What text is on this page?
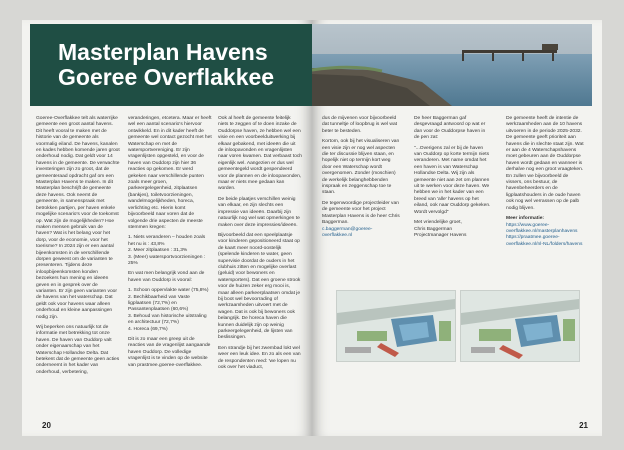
Masterplan Havens
Goeree Overflakkee

Goeree-Overflakkee telt als waterrijke gemeente een groot aantal havens. Dit heeft vooral te maken met de historie van de gemeente als voormalig eiland. De havens, kanalen en kades hebben komende jaren groot onderhoud nodig. Dat geldt voor 14 havens in de gemeente. De verwachte investeringen zijn zo groot, dat de gemeenteraad opdracht gaf om een Masterplan Havens te maken. In dit Masterplan beschrijft de gemeente deze havens. Ook neemt de gemeente, in samenspraak met betrokken partijen, per haven enkele mogelijke scenario's voor de toekomst op. Wat zijn de mogelijkheden? Hoe maken mensen gebruik van de haven? Wat is het belang voor het dorp, voor de economie, voor het toerisme? In 2024 zijn er een aantal bijeenkomsten in de verschillende dorpen geweest om de varianten te presenteren. Tijdens deze inloopbijeenkomsten konden bezoekers hun mening en ideeën geven en in gesprek over de varianten. Er zijn geen varianten voor de havens van het waterschap. Dat geldt ook voor havens waar alleen onderhoud en kleine aanpassingen nodig zijn.

Wij beperken ons natuurlijk tot de informatie met betrekking tot onze haven. De haven van Ouddorp valt onder eigenaarschap van het Waterschap Hollandse Delta. Dat betekent dat de gemeente geen acties onderneemt in het kader van onderhoud, verbetering,

veranderingen, etcetera. Maar er heeft wel een aantal scenario's hiervoor ontwikkeld. En in dit kader heeft de gemeente wel contact gezocht met het Waterschap en met de watersportvereniging. Er zijn vragenlijsten opgesteld, en voor de haven van Ouddorp zijn hier 36 reacties op gekomen. Er werd gekeken naar verschillende punten zoals meer groen, parkeergelegenheid, zitplaatsen (bankjes), toiletvoorzieningen, wandelmogelijkheden, horeca, verlichting etc. Hierin komt bijvoorbeeld naar voren dat de volgende drie aspecten de meeste stemmen kregen:

1. Niets veranderen – houden zoals het nu is : 43,8%

2. Meer zitplaatsen : 31,3%

3. (Meer) watersportvoorzieningen : 25%

En wat men belangrijk vond aan de haven van Ouddorp is vooral:

1. Schoon oppervlakte water (75,8%)

2. Bechikbaarheid van Vaste ligplaatsen (72,7%) en Passantenplaatsen (60,6%)

3. Behoud van historische uitstraling en architectuur (72,7%)

4. Horeca (69,7%)

Dit is zo maar een greep uit de reacties van de vragenlijst aangaande haven Ouddorp. De volledige vragenlijst is te vinden op de website van prastmee.goeree-overflakkee.

Ook al heeft de gemeente feitelijk niets te zeggen of te doen inzake de Ouddorpse haven, ze hebben wel een visie en een voorbeelduitwerking bij elkaar gebakend, met ideeën die uit de inloopavonden en vragenlijsten naar voren kwamen. Dat verbaast toch eigenlijk wel. Aangezien er dus wel gemeentegeld wordt gespendeerd voor de plannen en de inloopavonden, maar er niets mee gedaan kan worden.

De beide plaatjes verschillen weinig van elkaar, en zijn slechts een impressie van ideeën. Daarbij zijn natuurlijk nog wel wat opmerkingen te maken over deze impressies/ideeën.

Bijvoorbeeld dat een speelplaatsje voor kinderen gepositioneerd staat op de kaart meer noord-oostelijk (spelende kinderen te water, geen supervisie doordat de ouders in het clubhuis zitten en mogelijke overlast (geluid) voor bewoners en watersporters). Dat een groene strook voor de huizen zeker erg mooi is, maar alleen parkeerplaatsen omdat je bij boot wel bevoorrading of werkzaamheden uitvoert met de wagen. Dat is ook bij bewoners ook belangrijk. De horeca haven die kunnen duidelijk zijn op weinig parkeergelegenheid, de lijsten van beslissingen.

Een strandje bij het zwembad lokt wel weer een leuk idee. En zo als een van de respondenten reed: 'we lopen nu ook over het viaduct,

20

dus de mijvenen voor bijvoorbeeld dat tunneltje of loopbrug is wel wat beter te besteden.

Kortom, ook bij het visualiseren van een visie zijn er nog wel aspecten die ter discussie blijven staan, en hopelijk niet op termijn kort weg door een Waterschap wordt overgenomen. Zonder (moschien) de werkelijk belanghebbenden inspraak en zeggenschap toe te staan.

De tegenwoordige projectleider van de gemeente voor het project Masterplan Havens is de heer Chris Baggerman.

c.baggerman@goeree-overflakkee.nl

De heer Baggerman gaf desgevraagd antwoord op wat er dan voor de Ouddorpse haven in de pen zat:

"...Overigens zal er bij de haven van Ouddorp op korte termijn niets veranderen. Met name omdat het een haven is van Waterschap Hollandse Delta. Wij zijn als gemeente niet aan zet om plannen uit te werken voor deze haven. We hebben we in het kader van een breed van 'alle' havens op het eiland, ook naar Ouddorp gekeken. Wordt vervolgd"

Met vriendelijke groet,

Chris Baggerman

Projectmanager Havens

De gemeente heeft de intentie de werkzaamheden aan de 10 havens uitvoeren in de periode 2025-2032. De gemeente geeft prioriteit aan havens die in slechte staat zijn. Wat er aan de 4 Waterschapshavens moet gebeuren aan de Ouddorpse haven wordt gedaan en wanneer is derhalve nog een groot vraagteken. En zullen we bijvoorbeeld de vissers, ons bestuur, de havenbeheerders en de ligplaatshouders in de oude haven ook nog wel verrassen op de palb nodig blijven.

Meer informatie:

https://www.goeree-overflakkee.nl/masterplanhavens

https://praatmee.goeree-overflakkee.nl/nl-NL/folders/havens

21
